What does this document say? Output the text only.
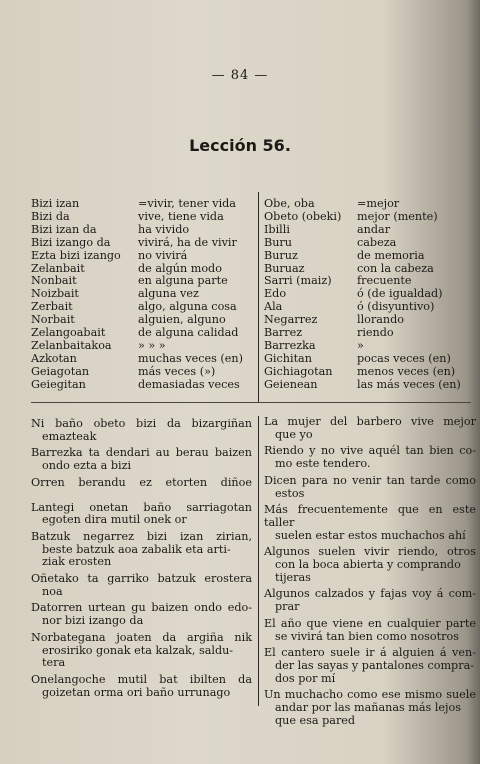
— 84 —
Lección 56.
Bizi izan	=vivir, tener vida
Bizi da	vive, tiene vida
Bizi izan da	ha vivido
Bizi izango da	vivirá, ha de vivir
Ezta bizi izango	no vivirá
Zelanbait	de algún modo
Nonbait	en alguna parte
Noizbait	alguna vez
Zerbait	algo, alguna cosa
Norbait	alguien, alguno
Zelangoabait	de alguna calidad
Zelanbaitakoa	» » »
Azkotan	muchas veces (en)
Geiagotan	más veces (»)
Geiegitan	demasiadas veces
Obe, oba	=mejor
Obeto (obeki)	mejor (mente)
Ibilli	andar
Buru	cabeza
Buruz	de memoria
Buruaz	con la cabeza
Sarri (maiz)	frecuente
Edo	ó (de igualdad)
Ala	ó (disyuntivo)
Negarrez	llorando
Barrez	riendo
Barrezka	»
Gichitan	pocas veces (en)
Gichiagotan	menos veces (en)
Geienean	las más veces (en)
Ni baño obeto bizi da bizargiñan
emazteak
Barrezka ta dendari au berau baizen
ondo ezta a bizi
Orren berandu ez etorten diñoe
Lantegi onetan baño sarriagotan
egoten dira mutil onek or
Batzuk negarrez bizi izan zirian,
beste batzuk aoa zabalik eta arti-
ziak erosten
Oñetako ta garriko batzuk erostera
noa
Datorren urtean gu baizen ondo edo-
nor bizi izango da
Norbategana joaten da argiña nik
erosiriko gonak eta kalzak, saldu-
tera
Onelangoche mutil bat ibilten da
goizetan orma ori baño urrunago
La mujer del barbero vive mejor
que yo
Riendo y no vive aquél tan bien co-
mo este tendero.
Dicen para no venir tan tarde como
estos
Más frecuentemente que en este taller
suelen estar estos muchachos ahí
Algunos suelen vivir riendo, otros
con la boca abierta y comprando
tijeras
Algunos calzados y fajas voy á com-
prar
El año que viene en cualquier parte
se vivirá tan bien como nosotros
El cantero suele ir á alguien á ven-
der las sayas y pantalones compra-
dos por mí
Un muchacho como ese mismo suele
andar por las mañanas más lejos
que esa pared
